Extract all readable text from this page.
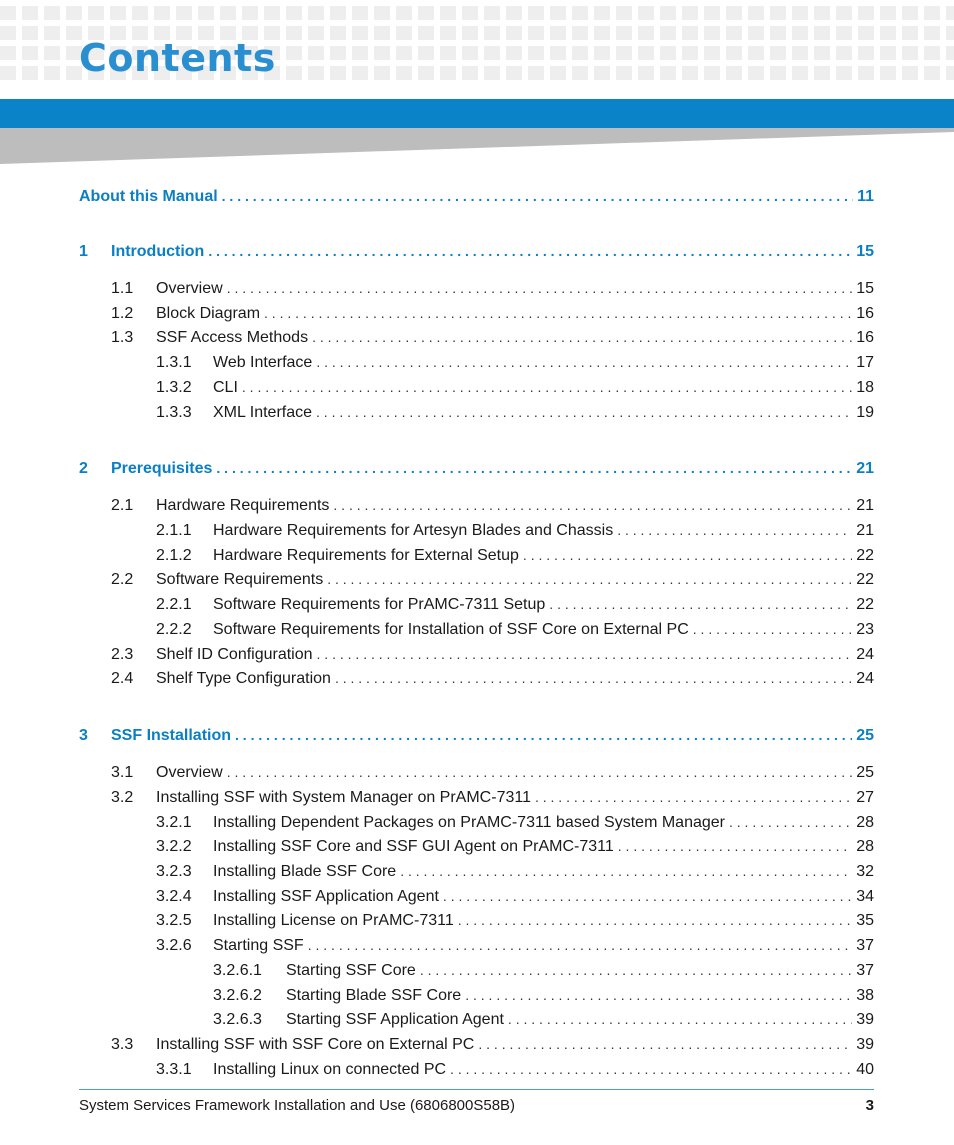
Contents
About this Manual . . .	11
1	Introduction . . .	15
1.1	Overview . . .	15
1.2	Block Diagram . . .	16
1.3	SSF Access Methods . . .	16
1.3.1	Web Interface . . .	17
1.3.2	CLI . . .	18
1.3.3	XML Interface . . .	19
2	Prerequisites . . .	21
2.1	Hardware Requirements . . .	21
2.1.1	Hardware Requirements for Artesyn Blades and Chassis . . .	21
2.1.2	Hardware Requirements for External Setup . . .	22
2.2	Software Requirements . . .	22
2.2.1	Software Requirements for PrAMC-7311 Setup . . .	22
2.2.2	Software Requirements for Installation of SSF Core on External PC . . .	23
2.3	Shelf ID Configuration . . .	24
2.4	Shelf Type Configuration . . .	24
3	SSF Installation . . .	25
3.1	Overview . . .	25
3.2	Installing SSF with System Manager on PrAMC-7311 . . .	27
3.2.1	Installing Dependent Packages on PrAMC-7311 based System Manager . . .	28
3.2.2	Installing SSF Core and SSF GUI Agent on PrAMC-7311 . . .	28
3.2.3	Installing Blade SSF Core . . .	32
3.2.4	Installing SSF Application Agent . . .	34
3.2.5	Installing License on PrAMC-7311 . . .	35
3.2.6	Starting SSF . . .	37
3.2.6.1	Starting SSF Core . . .	37
3.2.6.2	Starting Blade SSF Core . . .	38
3.2.6.3	Starting SSF Application Agent . . .	39
3.3	Installing SSF with SSF Core on External PC . . .	39
3.3.1	Installing Linux on connected PC . . .	40
System Services Framework Installation and Use (6806800S58B)	3
